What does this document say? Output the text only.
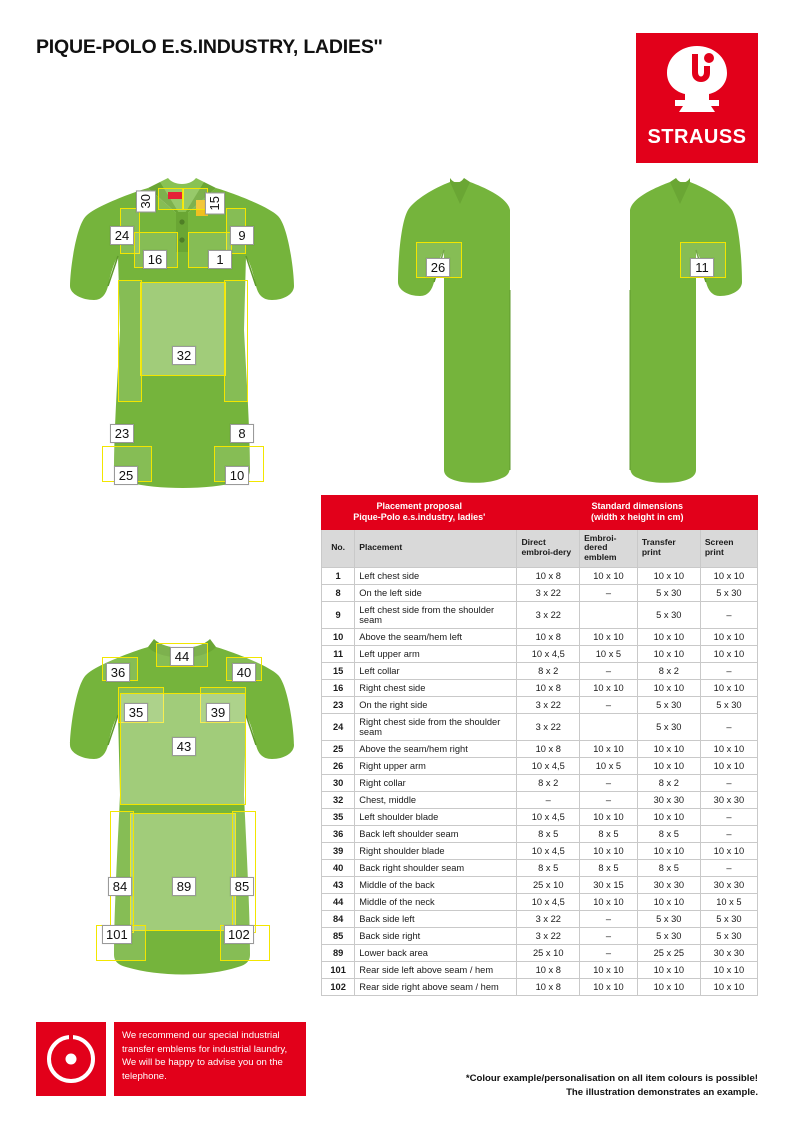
PIQUE-POLO E.S.INDUSTRY, LADIES''
STRAUSS
30	15
24	9
16	1
32
23	8
25	10
26	11
44
36	40
35	39
43
84	89	85
101	102
Placement proposal
Pique-Polo e.s.industry, ladies'		Standard dimensions
(width x height in cm)			
No.	Placement	Direct embroi-dery	Embroi-dered emblem	Transfer print	Screen print
1	Left chest side	10 x 8	10 x 10	10 x 10	10 x 10
8	On the left side	3 x 22	–	5 x 30	5 x 30
9	Left chest side from the shoulder seam	3 x 22		5 x 30	–
10	Above the seam/hem left	10 x 8	10 x 10	10 x 10	10 x 10
11	Left upper arm	10 x 4,5	10 x 5	10 x 10	10 x 10
15	Left collar	8 x 2	–	8 x 2	–
16	Right chest side	10 x 8	10 x 10	10 x 10	10 x 10
23	On the right side	3 x 22	–	5 x 30	5 x 30
24	Right chest side from the shoulder seam	3 x 22		5 x 30	–
25	Above the seam/hem right	10 x 8	10 x 10	10 x 10	10 x 10
26	Right upper arm	10 x 4,5	10 x 5	10 x 10	10 x 10
30	Right collar	8 x 2	–	8 x 2	–
32	Chest, middle	–	–	30 x 30	30 x 30
35	Left shoulder blade	10 x 4,5	10 x 10	10 x 10	–
36	Back left shoulder seam	8 x 5	8 x 5	8 x 5	–
39	Right shoulder blade	10 x 4,5	10 x 10	10 x 10	10 x 10
40	Back right shoulder seam	8 x 5	8 x 5	8 x 5	–
43	Middle of the back	25 x 10	30 x 15	30 x 30	30 x 30
44	Middle of the neck	10 x 4,5	10 x 10	10 x 10	10 x 5
84	Back side left	3 x 22	–	5 x 30	5 x 30
85	Back side right	3 x 22	–	5 x 30	5 x 30
89	Lower back area	25 x 10	–	25 x 25	30 x 30
101	Rear side left above seam / hem	10 x 8	10 x 10	10 x 10	10 x 10
102	Rear side right above seam / hem	10 x 8	10 x 10	10 x 10	10 x 10
We recommend our special industrial transfer emblems for industrial laundry, We will be happy to advise you on the telephone.	*Colour example/personalisation on all item colours is possible!
The illustration demonstrates an example.
